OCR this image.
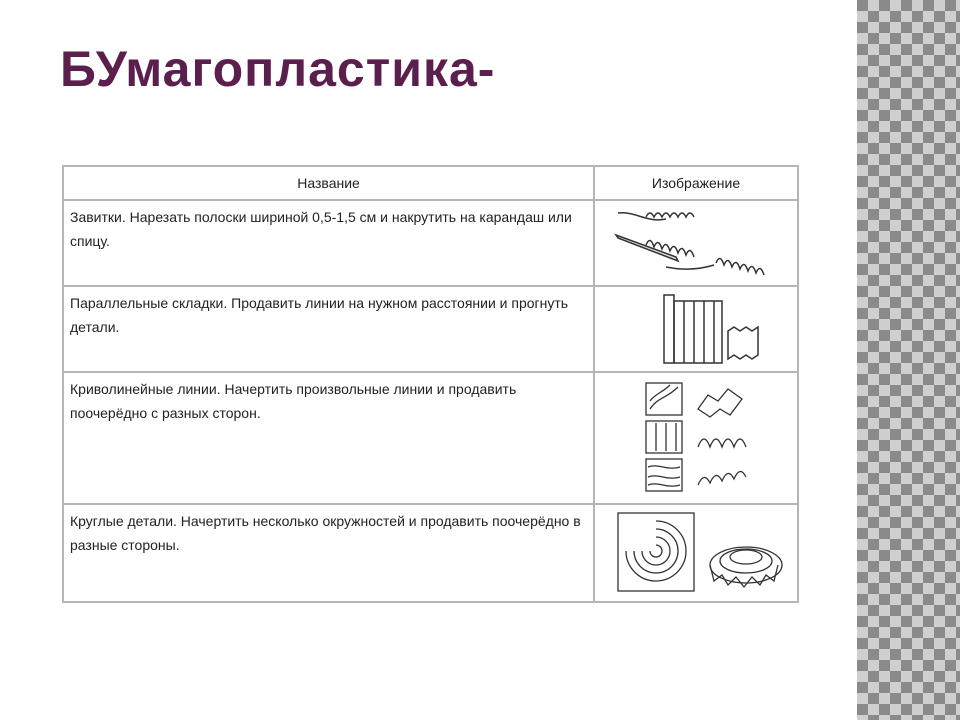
БУмагопластика-
Название	Изображение
Завитки. Нарезать полоски шириной 0,5-1,5 см и накрутить на карандаш или спицу.	

Параллельные складки. Продавить линии на нужном расстоянии и прогнуть детали.	

Криволинейные линии. Начертить произвольные линии и продавить поочерёдно с разных сторон.	

Круглые детали. Начертить несколько окружностей и продавить поочерёдно в разные стороны.	
